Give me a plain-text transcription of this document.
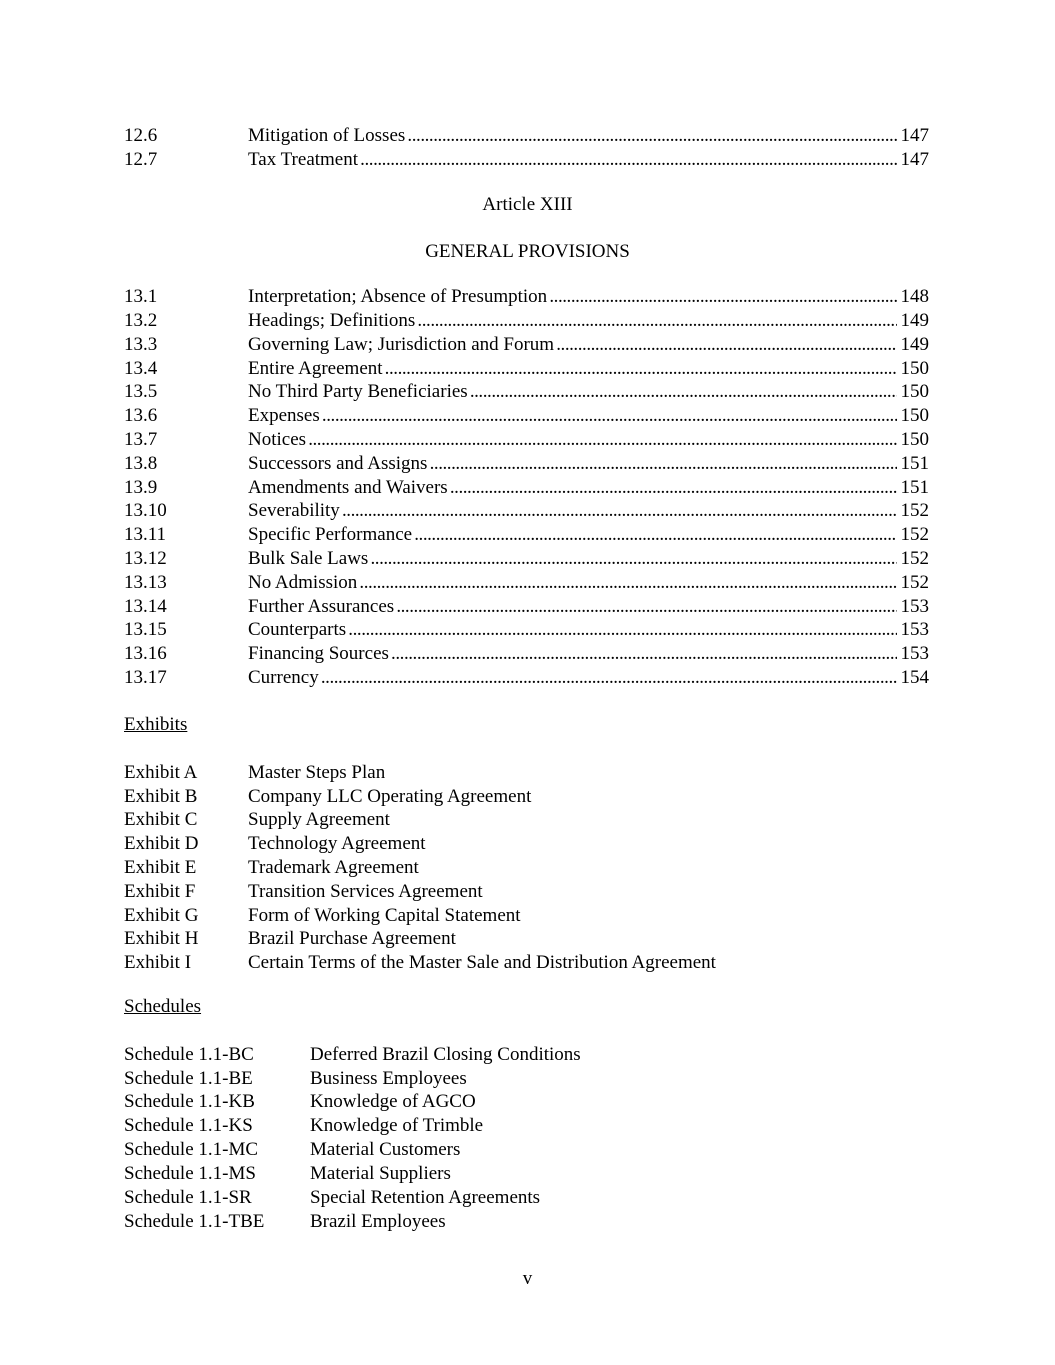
12.6	Mitigation of Losses . . .	147
12.7	Tax Treatment . . .	147
Article XIII
GENERAL PROVISIONS
13.1	Interpretation; Absence of Presumption . . .	148
13.2	Headings; Definitions . . .	149
13.3	Governing Law; Jurisdiction and Forum . . .	149
13.4	Entire Agreement . . .	150
13.5	No Third Party Beneficiaries . . .	150
13.6	Expenses . . .	150
13.7	Notices . . .	150
13.8	Successors and Assigns . . .	151
13.9	Amendments and Waivers . . .	151
13.10	Severability . . .	152
13.11	Specific Performance . . .	152
13.12	Bulk Sale Laws . . .	152
13.13	No Admission . . .	152
13.14	Further Assurances . . .	153
13.15	Counterparts . . .	153
13.16	Financing Sources . . .	153
13.17	Currency . . .	154
Exhibits
Exhibit A	Master Steps Plan
Exhibit B	Company LLC Operating Agreement
Exhibit C	Supply Agreement
Exhibit D	Technology Agreement
Exhibit E	Trademark Agreement
Exhibit F	Transition Services Agreement
Exhibit G	Form of Working Capital Statement
Exhibit H	Brazil Purchase Agreement
Exhibit I	Certain Terms of the Master Sale and Distribution Agreement
Schedules
Schedule 1.1-BC	Deferred Brazil Closing Conditions
Schedule 1.1-BE	Business Employees
Schedule 1.1-KB	Knowledge of AGCO
Schedule 1.1-KS	Knowledge of Trimble
Schedule 1.1-MC	Material Customers
Schedule 1.1-MS	Material Suppliers
Schedule 1.1-SR	Special Retention Agreements
Schedule 1.1-TBE Brazil Employees
v
